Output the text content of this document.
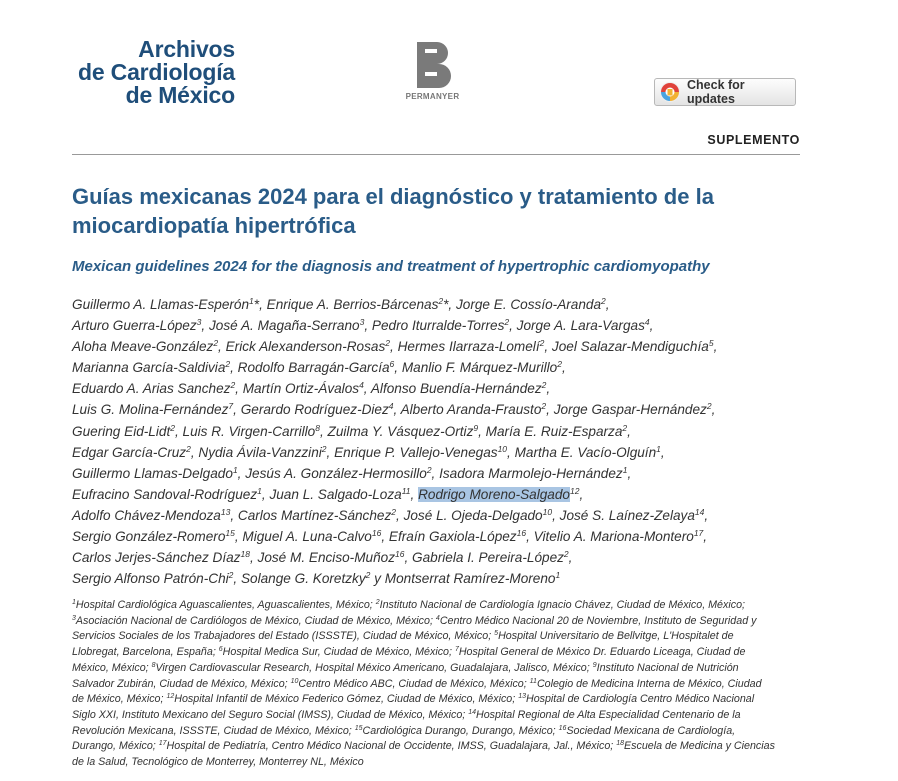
Archivos
de Cardiología
de México	PERMANYER
Check for updates
SUPLEMENTO
Guías mexicanas 2024 para el diagnóstico y tratamiento de la
miocardiopatía hipertrófica
Mexican guidelines 2024 for the diagnosis and treatment of hypertrophic cardiomyopathy
Guillermo A. Llamas-Esperón$^1$*, Enrique A. Berrios-Bárcenas$^2$*, Jorge E. Cossío-Aranda$^2$,
Arturo Guerra-López$^3$, José A. Magaña-Serrano$^3$, Pedro Iturralde-Torres$^2$, Jorge A. Lara-Vargas$^4$,
Aloha Meave-González$^2$, Erick Alexanderson-Rosas$^2$, Hermes Ilarraza-Lomelí$^2$, Joel Salazar-Mendiguchía$^5$,
Marianna García-Saldivia$^2$, Rodolfo Barragán-García$^6$, Manlio F. Márquez-Murillo$^2$,
Eduardo A. Arias Sanchez$^2$, Martín Ortiz-Ávalos$^4$, Alfonso Buendía-Hernández$^2$,
Luis G. Molina-Fernández$^7$, Gerardo Rodríguez-Diez$^4$, Alberto Aranda-Frausto$^2$, Jorge Gaspar-Hernández$^2$,
Guering Eid-Lidt$^2$, Luis R. Virgen-Carrillo$^8$, Zuilma Y. Vásquez-Ortiz$^9$, María E. Ruiz-Esparza$^2$,
Edgar García-Cruz$^2$, Nydia Ávila-Vanzzini$^2$, Enrique P. Vallejo-Venegas$^{10}$, Martha E. Vacío-Olguín$^1$,
Guillermo Llamas-Delgado$^1$, Jesús A. González-Hermosillo$^2$, Isadora Marmolejo-Hernández$^1$,
Eufracino Sandoval-Rodríguez$^1$, Juan L. Salgado-Loza$^{11}$, Rodrigo Moreno-Salgado$^{12}$,
Adolfo Chávez-Mendoza$^{13}$, Carlos Martínez-Sánchez$^2$, José L. Ojeda-Delgado$^{10}$, José S. Laínez-Zelaya$^{14}$,
Sergio González-Romero$^{15}$, Miguel A. Luna-Calvo$^{16}$, Efraín Gaxiola-López$^{16}$, Vitelio A. Mariona-Montero$^{17}$,
Carlos Jerjes-Sánchez Díaz$^{18}$, José M. Enciso-Muñoz$^{16}$, Gabriela I. Pereira-López$^2$,
Sergio Alfonso Patrón-Chi$^2$, Solange G. Koretzky$^2$ y Montserrat Ramírez-Moreno$^1$
$^1$Hospital Cardiológica Aguascalientes, Aguascalientes, México; $^2$Instituto Nacional de Cardiología Ignacio Chávez, Ciudad de México, México;
$^3$Asociación Nacional de Cardiólogos de México, Ciudad de México, México; $^4$Centro Médico Nacional 20 de Noviembre, Instituto de Seguridad y
Servicios Sociales de los Trabajadores del Estado (ISSSTE), Ciudad de México, México; $^5$Hospital Universitario de Bellvitge, L'Hospitalet de
Llobregat, Barcelona, España; $^6$Hospital Medica Sur, Ciudad de México, México; $^7$Hospital General de México Dr. Eduardo Liceaga, Ciudad de
México, México; $^8$Virgen Cardiovascular Research, Hospital México Americano, Guadalajara, Jalisco, México; $^9$Instituto Nacional de Nutrición
Salvador Zubirán, Ciudad de México, México; $^{10}$Centro Médico ABC, Ciudad de México, México; $^{11}$Colegio de Medicina Interna de México, Ciudad
de México, México; $^{12}$Hospital Infantil de México Federico Gómez, Ciudad de México, México; $^{13}$Hospital de Cardiología Centro Médico Nacional
Siglo XXI, Instituto Mexicano del Seguro Social (IMSS), Ciudad de México, México; $^{14}$Hospital Regional de Alta Especialidad Centenario de la
Revolución Mexicana, ISSSTE, Ciudad de México, México; $^{15}$Cardiológica Durango, Durango, México; $^{16}$Sociedad Mexicana de Cardiología,
Durango, México; $^{17}$Hospital de Pediatría, Centro Médico Nacional de Occidente, IMSS, Guadalajara, Jal., México; $^{18}$Escuela de Medicina y Ciencias
de la Salud, Tecnológico de Monterrey, Monterrey NL, México
